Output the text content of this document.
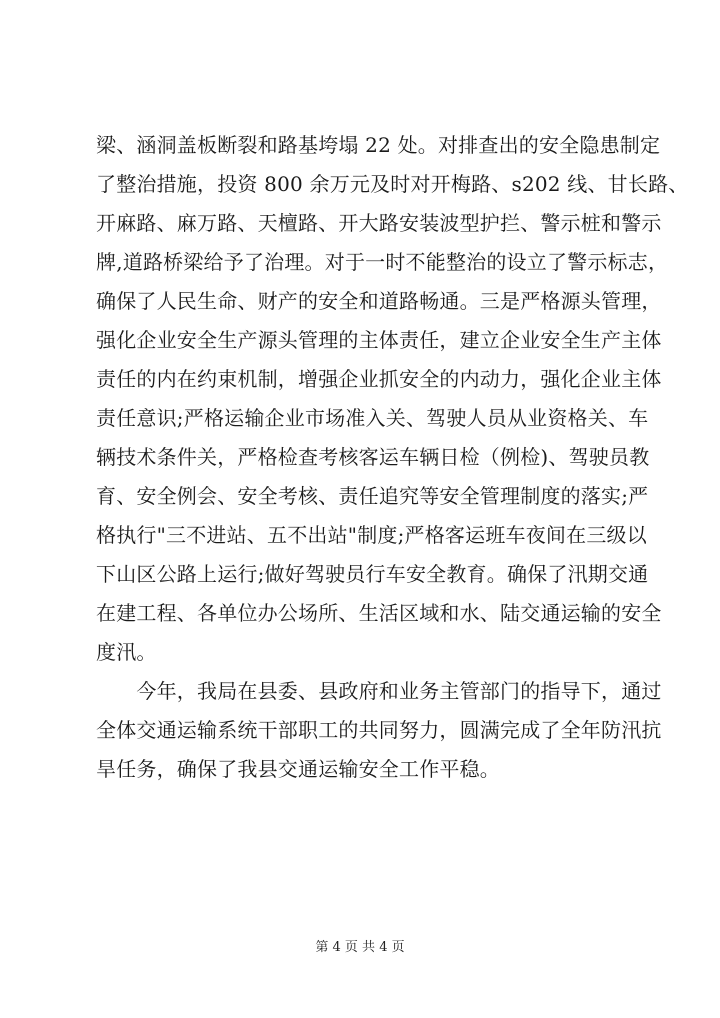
梁、涵洞盖板断裂和路基垮塌 22 处。对排查出的安全隐患制定
了整治措施，投资 800 余万元及时对开梅路、s202 线、甘长路、
开麻路、麻万路、天檀路、开大路安装波型护拦、警示桩和警示
牌,道路桥梁给予了治理。对于一时不能整治的设立了警示标志，
确保了人民生命、财产的安全和道路畅通。三是严格源头管理，
强化企业安全生产源头管理的主体责任，建立企业安全生产主体
责任的内在约束机制，增强企业抓安全的内动力，强化企业主体
责任意识;严格运输企业市场准入关、驾驶人员从业资格关、车
辆技术条件关，严格检查考核客运车辆日检（例检)、驾驶员教
育、安全例会、安全考核、责任追究等安全管理制度的落实;严
格执行"三不进站、五不出站"制度;严格客运班车夜间在三级以
下山区公路上运行;做好驾驶员行车安全教育。确保了汛期交通
在建工程、各单位办公场所、生活区域和水、陆交通运输的安全
度汛。
　　今年，我局在县委、县政府和业务主管部门的指导下，通过
全体交通运输系统干部职工的共同努力，圆满完成了全年防汛抗
旱任务，确保了我县交通运输安全工作平稳。
第 4 页 共 4 页
